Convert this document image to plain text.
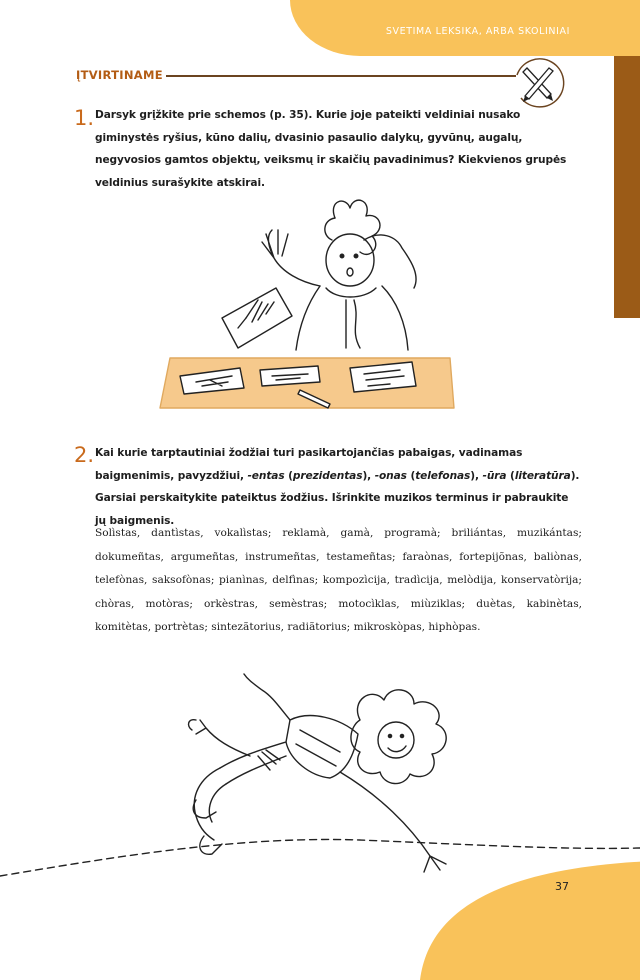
SVETIMA LEKSIKA, ARBA SKOLINIAI
ĮTVIRTINAME
1. Darsyk grįžkite prie schemos (p. 35). Kurie joje pateikti veldiniai nusako giminystės ryšius, kūno dalių, dvasinio pasaulio dalykų, gyvūnų, augalų, negyvosios gamtos objektų, veiksmų ir skaičių pavadinimus? Kiekvienos grupės veldinius surašykite atskirai.
2. Kai kurie tarptautiniai žodžiai turi pasikartojančias pabaigas, vadinamas baigmenimis, pavyzdžiui, -entas (prezidentas), -onas (telefonas), -ūra (literatūra). Garsiai perskaitykite pateiktus žodžius. Išrinkite muzikos terminus ir pabraukite jų baigmenis.
Solìstas, dantìstas, vokalìstas; reklamà, gamà, programà; briliántas, muzikántas; dokumeñtas, argumeñtas, instrumeñtas, testameñtas; faraònas, fortepijõnas, baliònas, telefònas, saksofònas; pianìnas, delfìnas; kompozìcija, tradìcija, melòdija, konservatòrija; chòras, motòras; orkèstras, semèstras; motocìklas, miùziklas; duètas, kabinètas, komitètas, portrètas; sintezãtorius, radiãtorius; mikroskòpas, hiphòpas.
37
